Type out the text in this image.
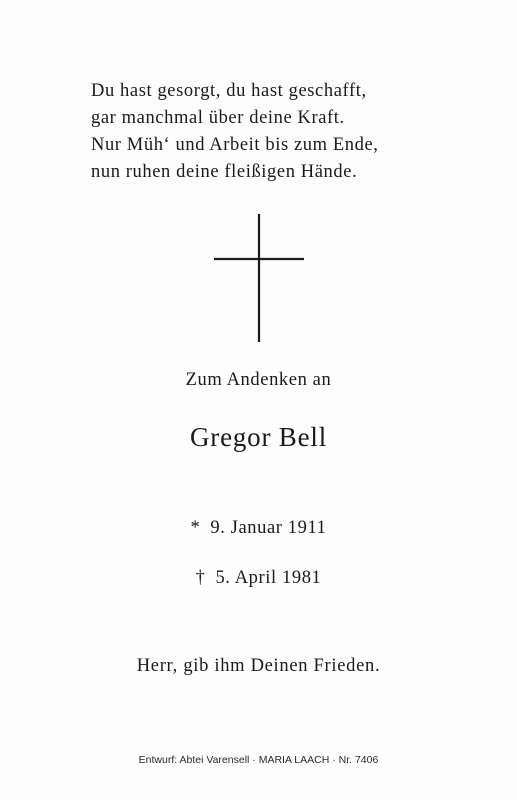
Du hast gesorgt, du hast geschafft,
gar manchmal über deine Kraft.
Nur Müh‘ und Arbeit bis zum Ende,
nun ruhen deine fleißigen Hände.
Zum Andenken an
Gregor Bell
* 9. Januar 1911
† 5. April 1981
Herr, gib ihm Deinen Frieden.
Entwurf: Abtei Varensell · MARIA LAACH · Nr. 7406
